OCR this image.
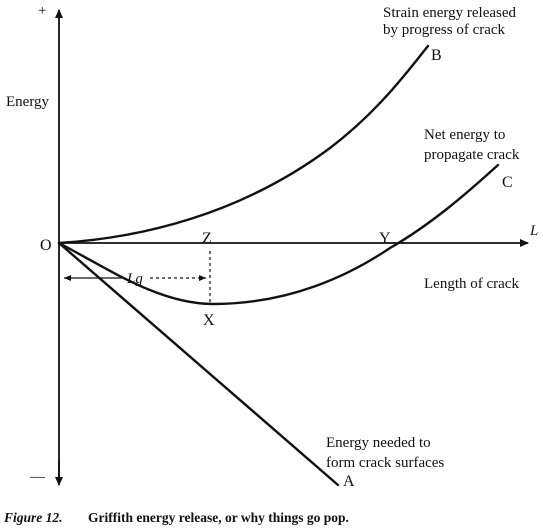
+
—
Energy
L
Length of crack
O
Strain energy released
by progress of crack
B
Net energy to
propagate crack
C
Energy needed to
form crack surfaces
A
Z
X
Y
Lg
Figure 12. Griffith energy release, or why things go pop.
